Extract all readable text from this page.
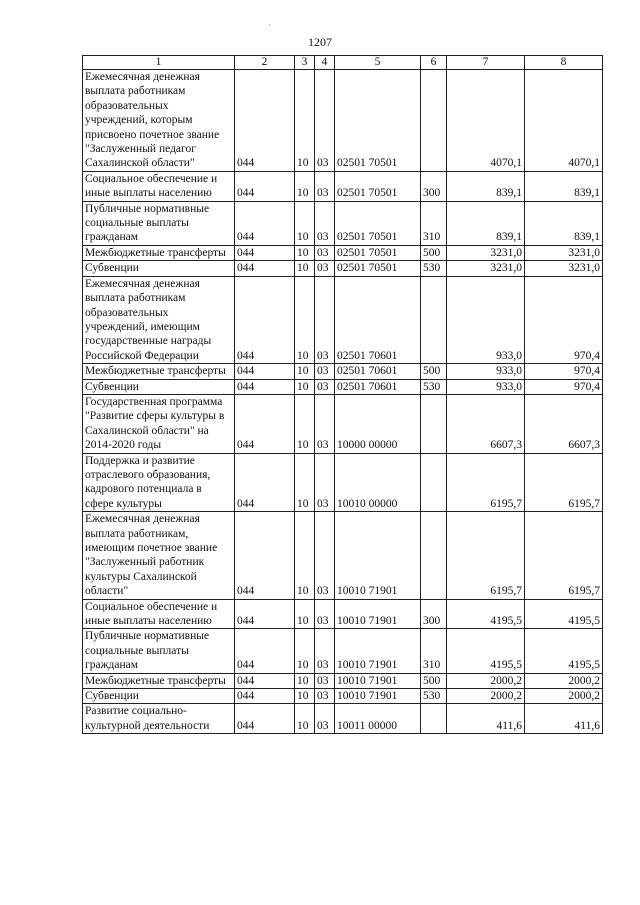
1207
1	2	3	4	5	6	7	8
Ежемесячная денежная выплата работникам образовательных учреждений, которым присвоено почетное звание "Заслуженный педагог Сахалинской области"	044	10	03	02501 70501		4070,1	4070,1
Социальное обеспечение и иные выплаты населению	044	10	03	02501 70501	300	839,1	839,1
Публичные нормативные социальные выплаты гражданам	044	10	03	02501 70501	310	839,1	839,1
Межбюджетные трансферты	044	10	03	02501 70501	500	3231,0	3231,0
Субвенции	044	10	03	02501 70501	530	3231,0	3231,0
Ежемесячная денежная выплата работникам образовательных учреждений, имеющим государственные награды Российской Федерации	044	10	03	02501 70601		933,0	970,4
Межбюджетные трансферты	044	10	03	02501 70601	500	933,0	970,4
Субвенции	044	10	03	02501 70601	530	933,0	970,4
Государственная программа "Развитие сферы культуры в Сахалинской области" на 2014-2020 годы	044	10	03	10000 00000		6607,3	6607,3
Поддержка и развитие отраслевого образования, кадрового потенциала в сфере культуры	044	10	03	10010 00000		6195,7	6195,7
Ежемесячная денежная выплата работникам, имеющим почетное звание "Заслуженный работник культуры Сахалинской области"	044	10	03	10010 71901		6195,7	6195,7
Социальное обеспечение и иные выплаты населению	044	10	03	10010 71901	300	4195,5	4195,5
Публичные нормативные социальные выплаты гражданам	044	10	03	10010 71901	310	4195,5	4195,5
Межбюджетные трансферты	044	10	03	10010 71901	500	2000,2	2000,2
Субвенции	044	10	03	10010 71901	530	2000,2	2000,2
Развитие социально-культурной деятельности	044	10	03	10011 00000		411,6	411,6
